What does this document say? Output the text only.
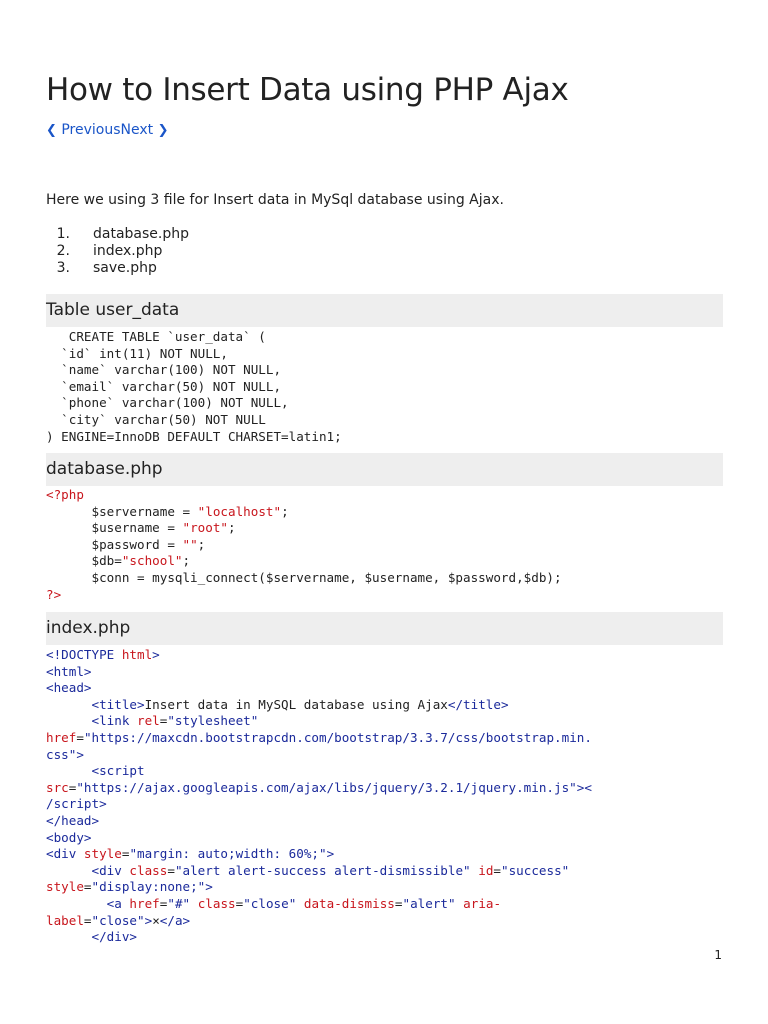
How to Insert Data using PHP Ajax
❮ PreviousNext ❯
Here we using 3 file for Insert data in MySql database using Ajax.
1. database.php
2. index.php
3. save.php
Table user_data
CREATE TABLE `user_data` (
`id` int(11) NOT NULL,
`name` varchar(100) NOT NULL,
`email` varchar(50) NOT NULL,
`phone` varchar(100) NOT NULL,
`city` varchar(50) NOT NULL
) ENGINE=InnoDB DEFAULT CHARSET=latin1;
database.php
<?php
$servername = "localhost";
$username = "root";
$password = "";
$db="school";
$conn = mysqli_connect($servername, $username, $password,$db);
?>
index.php
<!DOCTYPE html>
<html>
<head>
<title>Insert data in MySQL database using Ajax</title>
<link rel="stylesheet"
href="https://maxcdn.bootstrapcdn.com/bootstrap/3.3.7/css/bootstrap.min.
css">
<script
src="https://ajax.googleapis.com/ajax/libs/jquery/3.2.1/jquery.min.js"><
/script>
</head>
<body>
<div style="margin: auto;width: 60%;">
<div class="alert alert-success alert-dismissible" id="success"
style="display:none;">
<a href="#" class="close" data-dismiss="alert" aria-
label="close">×</a>
</div>
1
